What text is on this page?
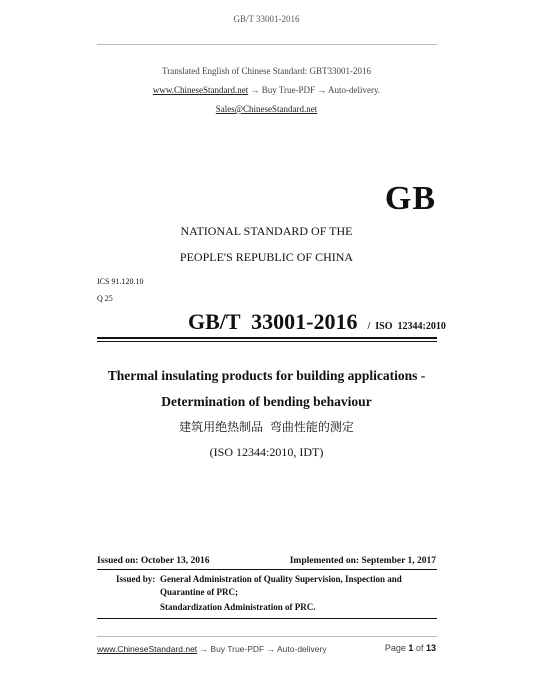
GB/T 33001-2016
Translated English of Chinese Standard: GBT33001-2016
www.ChineseStandard.net → Buy True-PDF → Auto-delivery.
Sales@ChineseStandard.net
GB
NATIONAL STANDARD OF THE
PEOPLE'S REPUBLIC OF CHINA
ICS 91.120.10
Q 25
GB/T  33001-2016 /  ISO  12344:2010
Thermal insulating products for building applications -
Determination of bending behaviour
建筑用绝热制品  弯曲性能的测定
(ISO 12344:2010, IDT)
Issued on: October 13, 2016	Implemented on: September 1, 2017
Issued by: General Administration of Quality Supervision, Inspection and
Quarantine of PRC;
Standardization Administration of PRC.
www.ChineseStandard.net → Buy True-PDF → Auto-delivery	Page 1 of 13
